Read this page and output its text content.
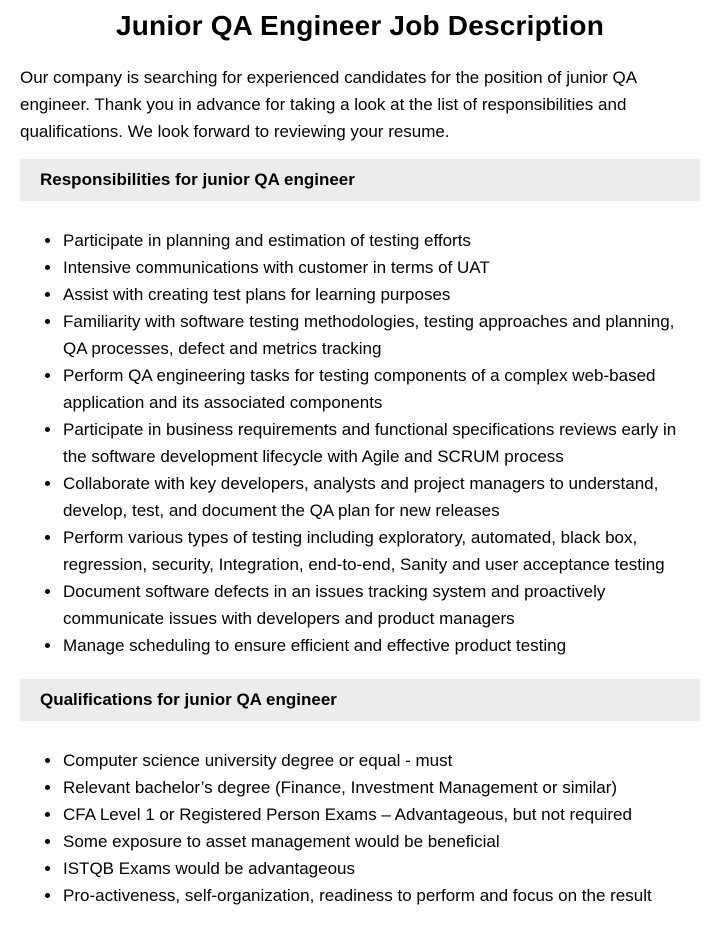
Junior QA Engineer Job Description

Our company is searching for experienced candidates for the position of junior QA engineer. Thank you in advance for taking a look at the list of responsibilities and qualifications. We look forward to reviewing your resume.

Responsibilities for junior QA engineer
• Participate in planning and estimation of testing efforts
• Intensive communications with customer in terms of UAT
• Assist with creating test plans for learning purposes
• Familiarity with software testing methodologies, testing approaches and planning, QA processes, defect and metrics tracking
• Perform QA engineering tasks for testing components of a complex web-based application and its associated components
• Participate in business requirements and functional specifications reviews early in the software development lifecycle with Agile and SCRUM process
• Collaborate with key developers, analysts and project managers to understand, develop, test, and document the QA plan for new releases
• Perform various types of testing including exploratory, automated, black box, regression, security, Integration, end-to-end, Sanity and user acceptance testing
• Document software defects in an issues tracking system and proactively communicate issues with developers and product managers
• Manage scheduling to ensure efficient and effective product testing
Qualifications for junior QA engineer
• Computer science university degree or equal - must
• Relevant bachelor’s degree (Finance, Investment Management or similar)
• CFA Level 1 or Registered Person Exams – Advantageous, but not required
• Some exposure to asset management would be beneficial
• ISTQB Exams would be advantageous
• Pro-activeness, self-organization, readiness to perform and focus on the result
